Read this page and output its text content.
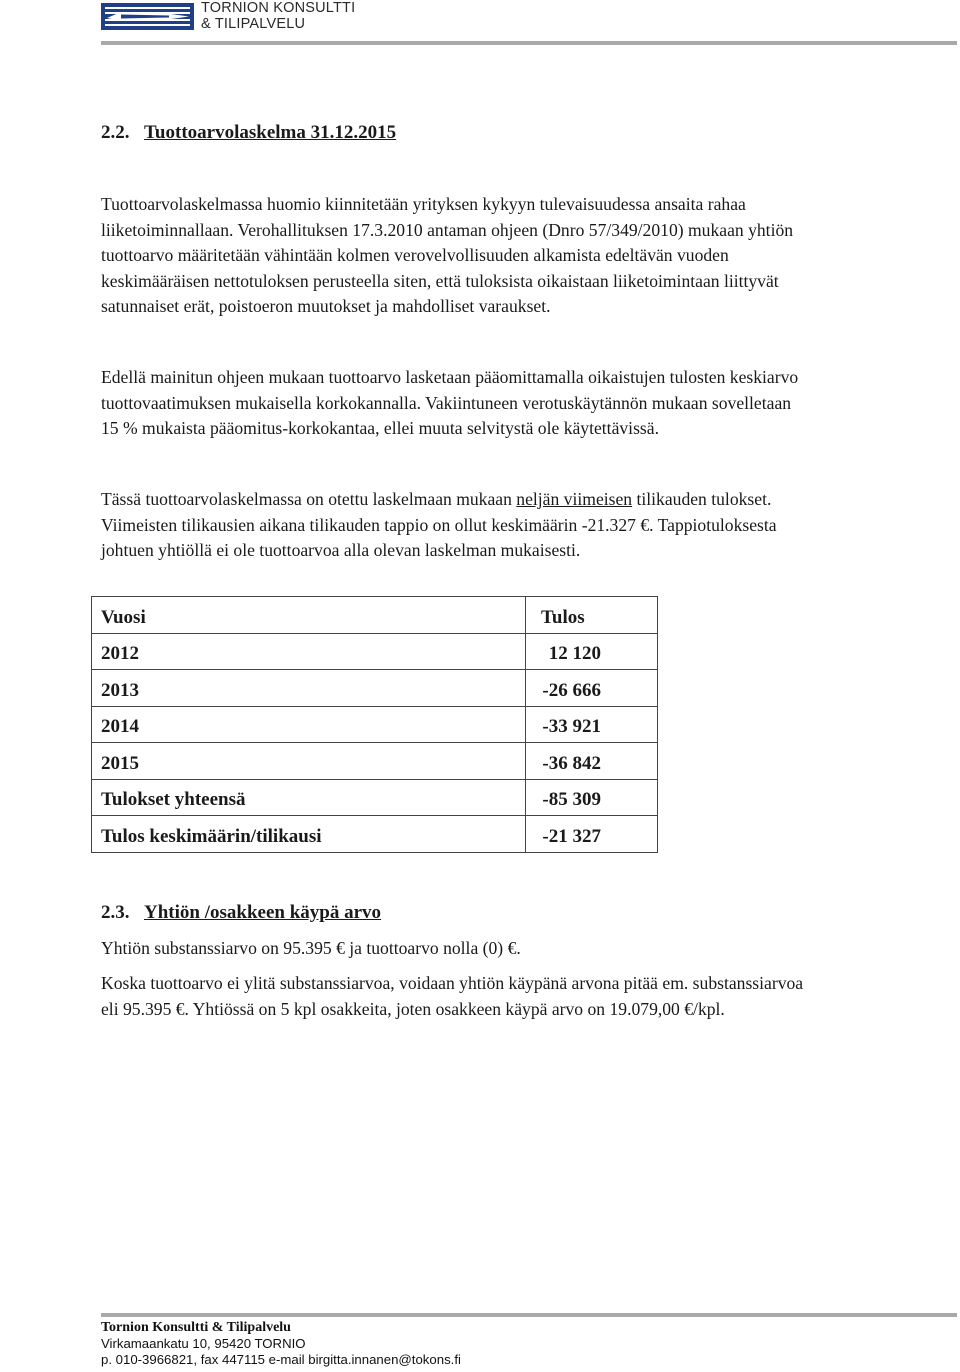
TORNION KONSULTTI
& TILIPALVELU
2.2. Tuottoarvolaskelma 31.12.2015
Tuottoarvolaskelmassa huomio kiinnitetään yrityksen kykyyn tulevaisuudessa ansaita rahaa
liiketoiminnallaan. Verohallituksen 17.3.2010 antaman ohjeen (Dnro 57/349/2010) mukaan yhtiön
tuottoarvo määritetään vähintään kolmen verovelvollisuuden alkamista edeltävän vuoden
keskimääräisen nettotuloksen perusteella siten, että tuloksista oikaistaan liiketoimintaan liittyvät
satunnaiset erät, poistoeron muutokset ja mahdolliset varaukset.
Edellä mainitun ohjeen mukaan tuottoarvo lasketaan pääomittamalla oikaistujen tulosten keskiarvo
tuottovaatimuksen mukaisella korkokannalla. Vakiintuneen verotuskäytännön mukaan sovelletaan
15 % mukaista pääomitus-korkokantaa, ellei muuta selvitystä ole käytettävissä.
Tässä tuottoarvolaskelmassa on otettu laskelmaan mukaan neljän viimeisen tilikauden tulokset.
Viimeisten tilikausien aikana tilikauden tappio on ollut keskimäärin -21.327 €. Tappiotuloksesta
johtuen yhtiöllä ei ole tuottoarvoa alla olevan laskelman mukaisesti.
Vuosi	Tulos
2012	12 120
2013	-26 666
2014	-33 921
2015	-36 842
Tulokset yhteensä	-85 309
Tulos keskimäärin/tilikausi	-21 327
2.3. Yhtiön /osakkeen käypä arvo
Yhtiön substanssiarvo on 95.395 € ja tuottoarvo nolla (0) €.
Koska tuottoarvo ei ylitä substanssiarvoa, voidaan yhtiön käypänä arvona pitää em. substanssiarvoa
eli 95.395 €. Yhtiössä on 5 kpl osakkeita, joten osakkeen käypä arvo on 19.079,00 €/kpl.
Tornion Konsultti & Tilipalvelu
Virkamaankatu 10, 95420 TORNIO
p. 010-3966821, fax 447115 e-mail birgitta.innanen@tokons.fi
